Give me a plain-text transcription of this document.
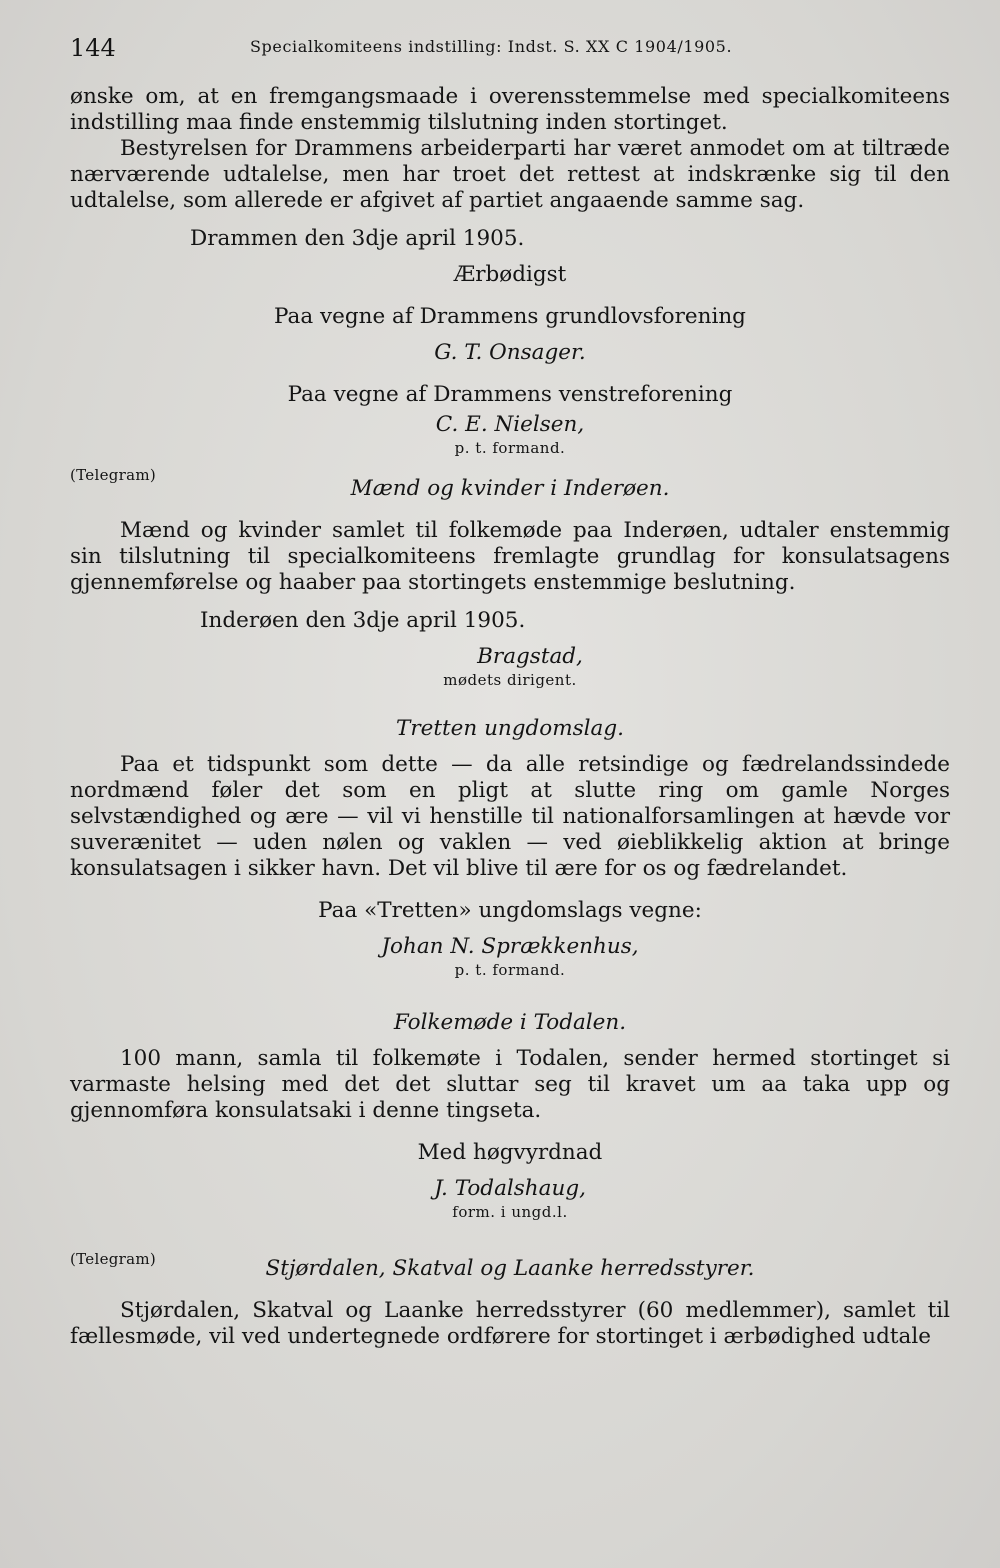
144	Specialkomiteens indstilling: Indst. S. XX C 1904/1905.

ønske om, at en fremgangsmaade i overensstemmelse med specialkomiteens indstilling maa finde enstemmig tilslutning inden stortinget.

Bestyrelsen for Drammens arbeiderparti har været anmodet om at tiltræde nærværende udtalelse, men har troet det rettest at indskrænke sig til den udtalelse, som allerede er afgivet af partiet angaaende samme sag.

Drammen den 3dje april 1905.

Ærbødigst

Paa vegne af Drammens grundlovsforening

G. T. Onsager.

Paa vegne af Drammens venstreforening

C. E. Nielsen,

p. t. formand.

(Telegram)

Mænd og kvinder i Inderøen.

Mænd og kvinder samlet til folkemøde paa Inderøen, udtaler enstemmig sin tilslutning til specialkomiteens fremlagte grundlag for konsulatsagens gjennemførelse og haaber paa stortingets enstemmige beslutning.

Inderøen den 3dje april 1905.

Bragstad,

mødets dirigent.

Tretten ungdomslag.

Paa et tidspunkt som dette — da alle retsindige og fædrelandssindede nordmænd føler det som en pligt at slutte ring om gamle Norges selvstændighed og ære — vil vi henstille til nationalforsamlingen at hævde vor suverænitet — uden nølen og vaklen — ved øieblikkelig aktion at bringe konsulatsagen i sikker havn. Det vil blive til ære for os og fædrelandet.

Paa «Tretten» ungdomslags vegne:

Johan N. Sprækkenhus,

p. t. formand.

Folkemøde i Todalen.

100 mann, samla til folkemøte i Todalen, sender hermed stortinget si varmaste helsing med det det sluttar seg til kravet um aa taka upp og gjennomføra konsulatsaki i denne tingseta.

Med høgvyrdnad

J. Todalshaug,

form. i ungd.l.

(Telegram)	Stjørdalen, Skatval og Laanke herredsstyrer.

Stjørdalen, Skatval og Laanke herredsstyrer (60 medlemmer), samlet til fællesmøde, vil ved undertegnede ordførere for stortinget i ærbødighed udtale
